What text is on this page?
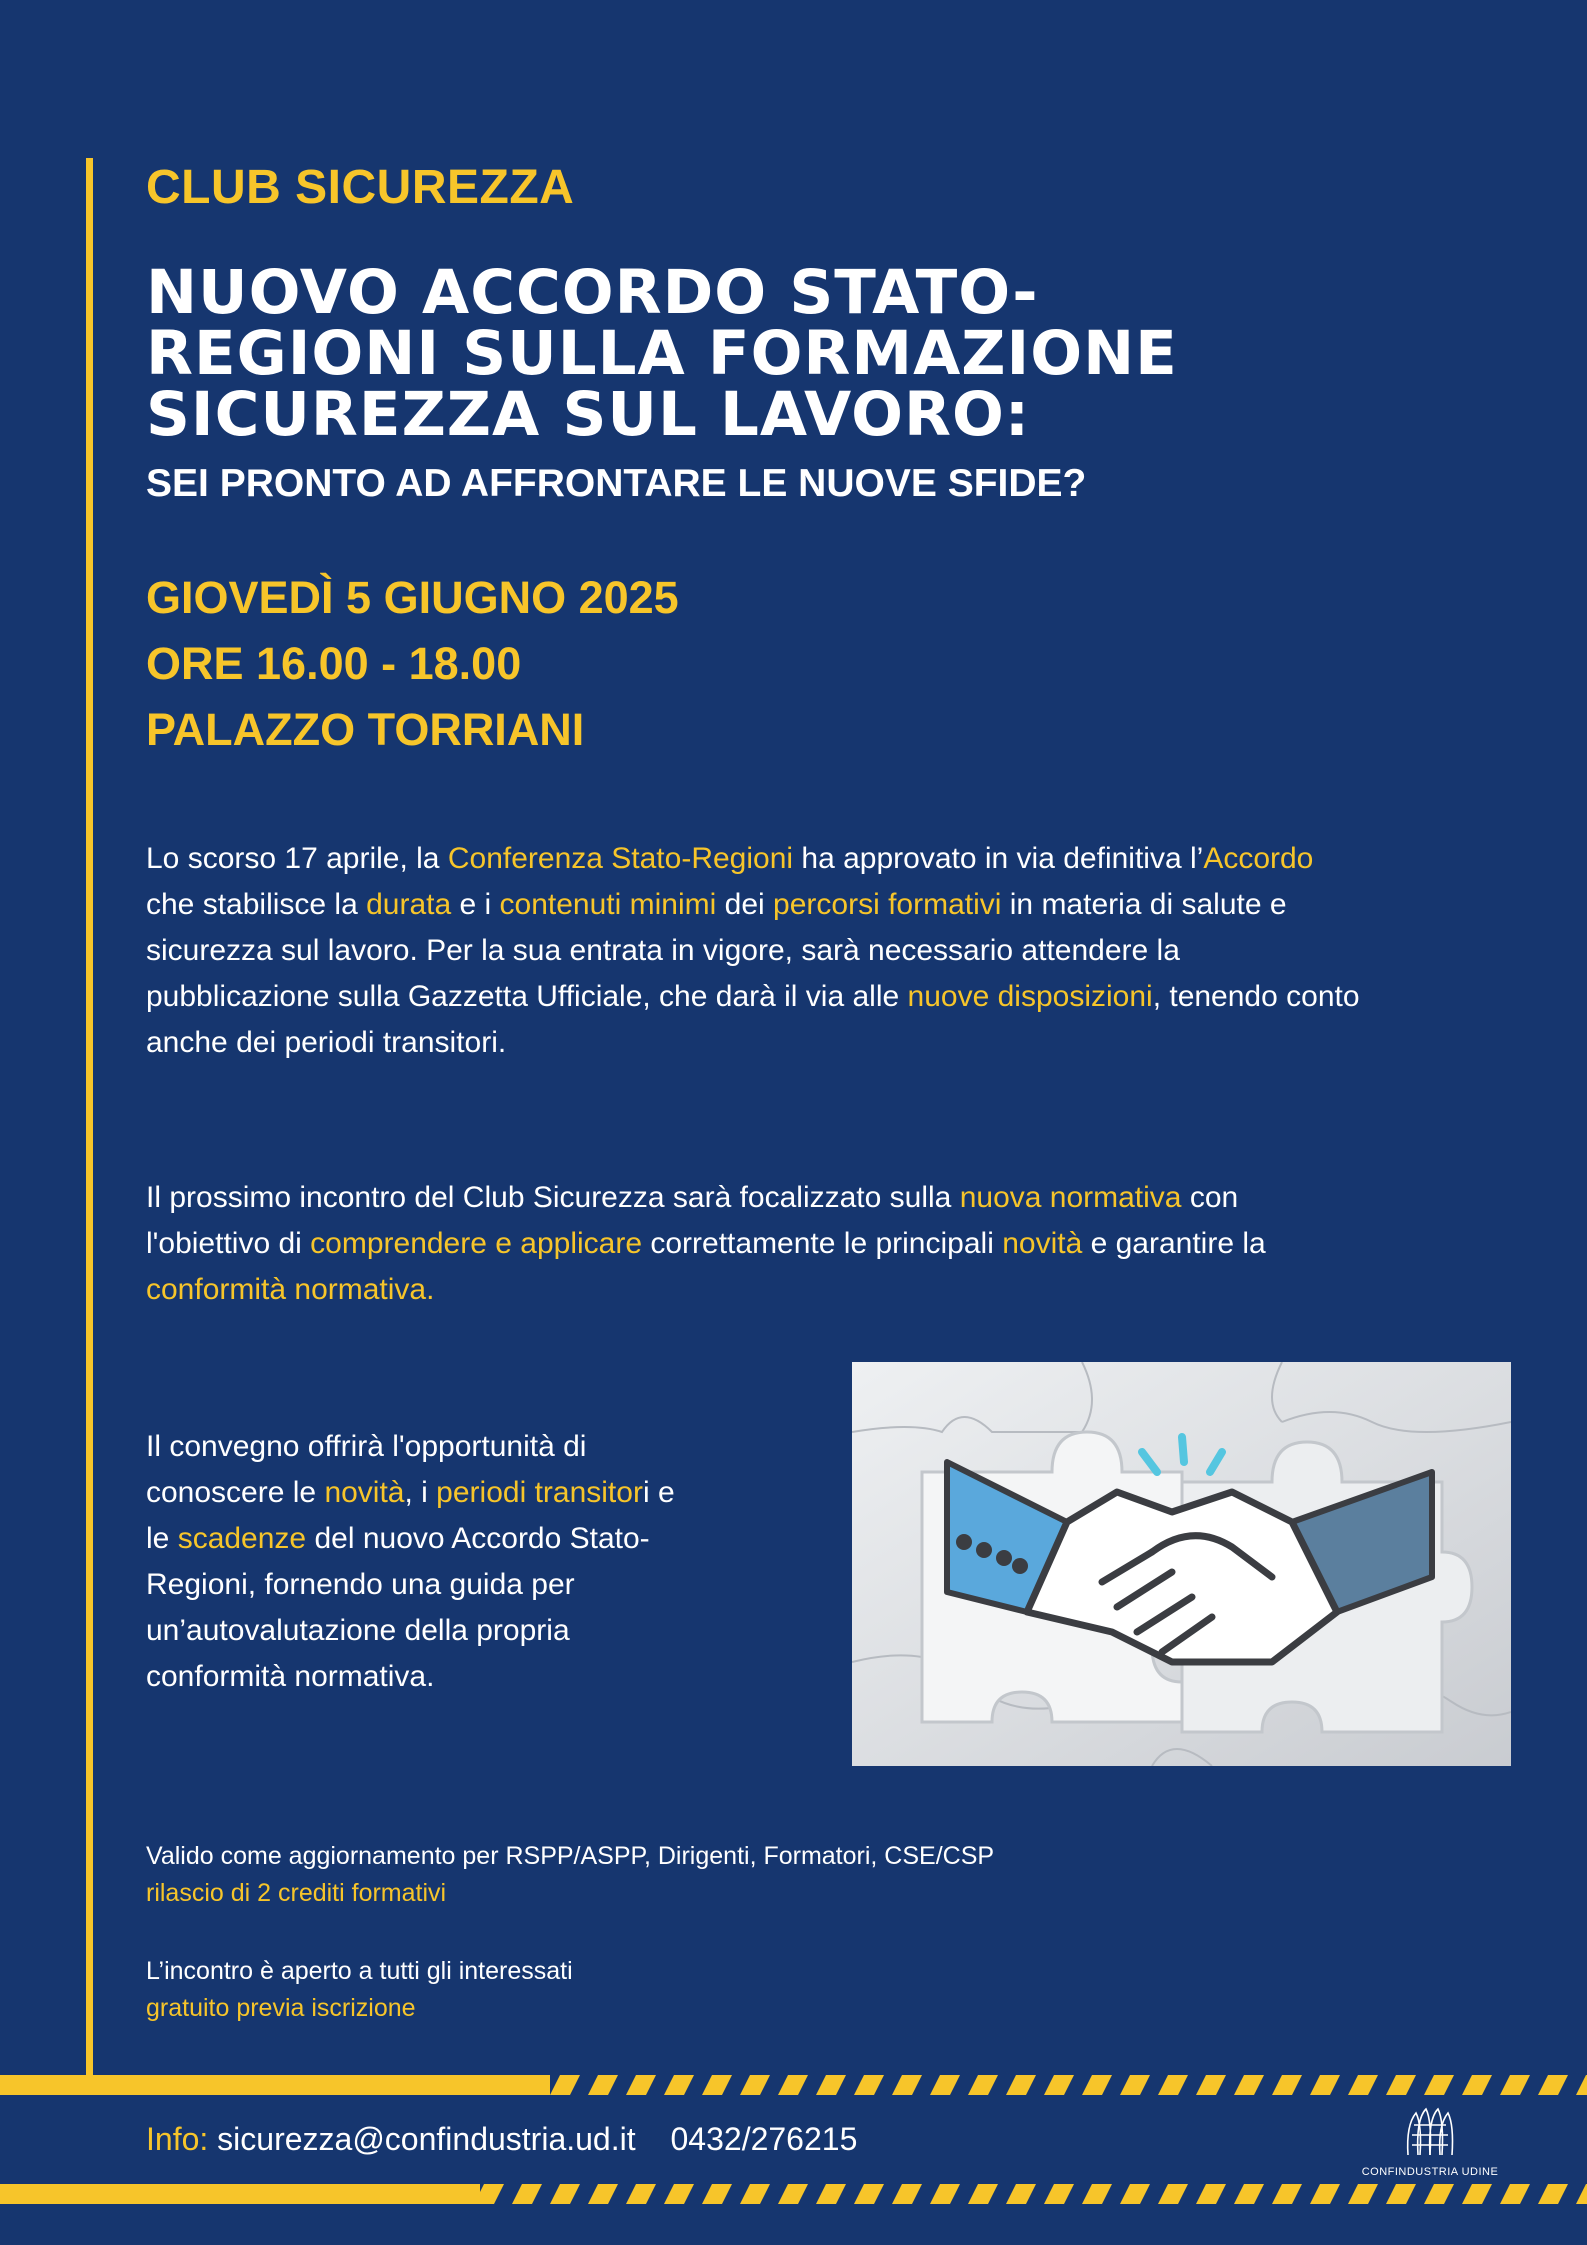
CLUB SICUREZZA
NUOVO ACCORDO STATO-
REGIONI SULLA FORMAZIONE
SICUREZZA SUL LAVORO:
SEI PRONTO AD AFFRONTARE LE NUOVE SFIDE?
GIOVEDÌ 5 GIUGNO 2025
ORE 16.00 - 18.00
PALAZZO TORRIANI
Lo scorso 17 aprile, la Conferenza Stato-Regioni ha approvato in via definitiva l’Accordo
che stabilisce la durata e i contenuti minimi dei percorsi formativi in materia di salute e
sicurezza sul lavoro. Per la sua entrata in vigore, sarà necessario attendere la
pubblicazione sulla Gazzetta Ufficiale, che darà il via alle nuove disposizioni, tenendo conto
anche dei periodi transitori.
Il prossimo incontro del Club Sicurezza sarà focalizzato sulla nuova normativa con
l'obiettivo di comprendere e applicare correttamente le principali novità e garantire la
conformità normativa.
Il convegno offrirà l'opportunità di
conoscere le novità, i periodi transitori e
le scadenze del nuovo Accordo Stato-
Regioni, fornendo una guida per
un’autovalutazione della propria
conformità normativa.
Valido come aggiornamento per RSPP/ASPP, Dirigenti, Formatori, CSE/CSP
rilascio di 2 crediti formativi
L’incontro è aperto a tutti gli interessati
gratuito previa iscrizione
Info: sicurezza@confindustria.ud.it 0432/276215
CONFINDUSTRIA UDINE
